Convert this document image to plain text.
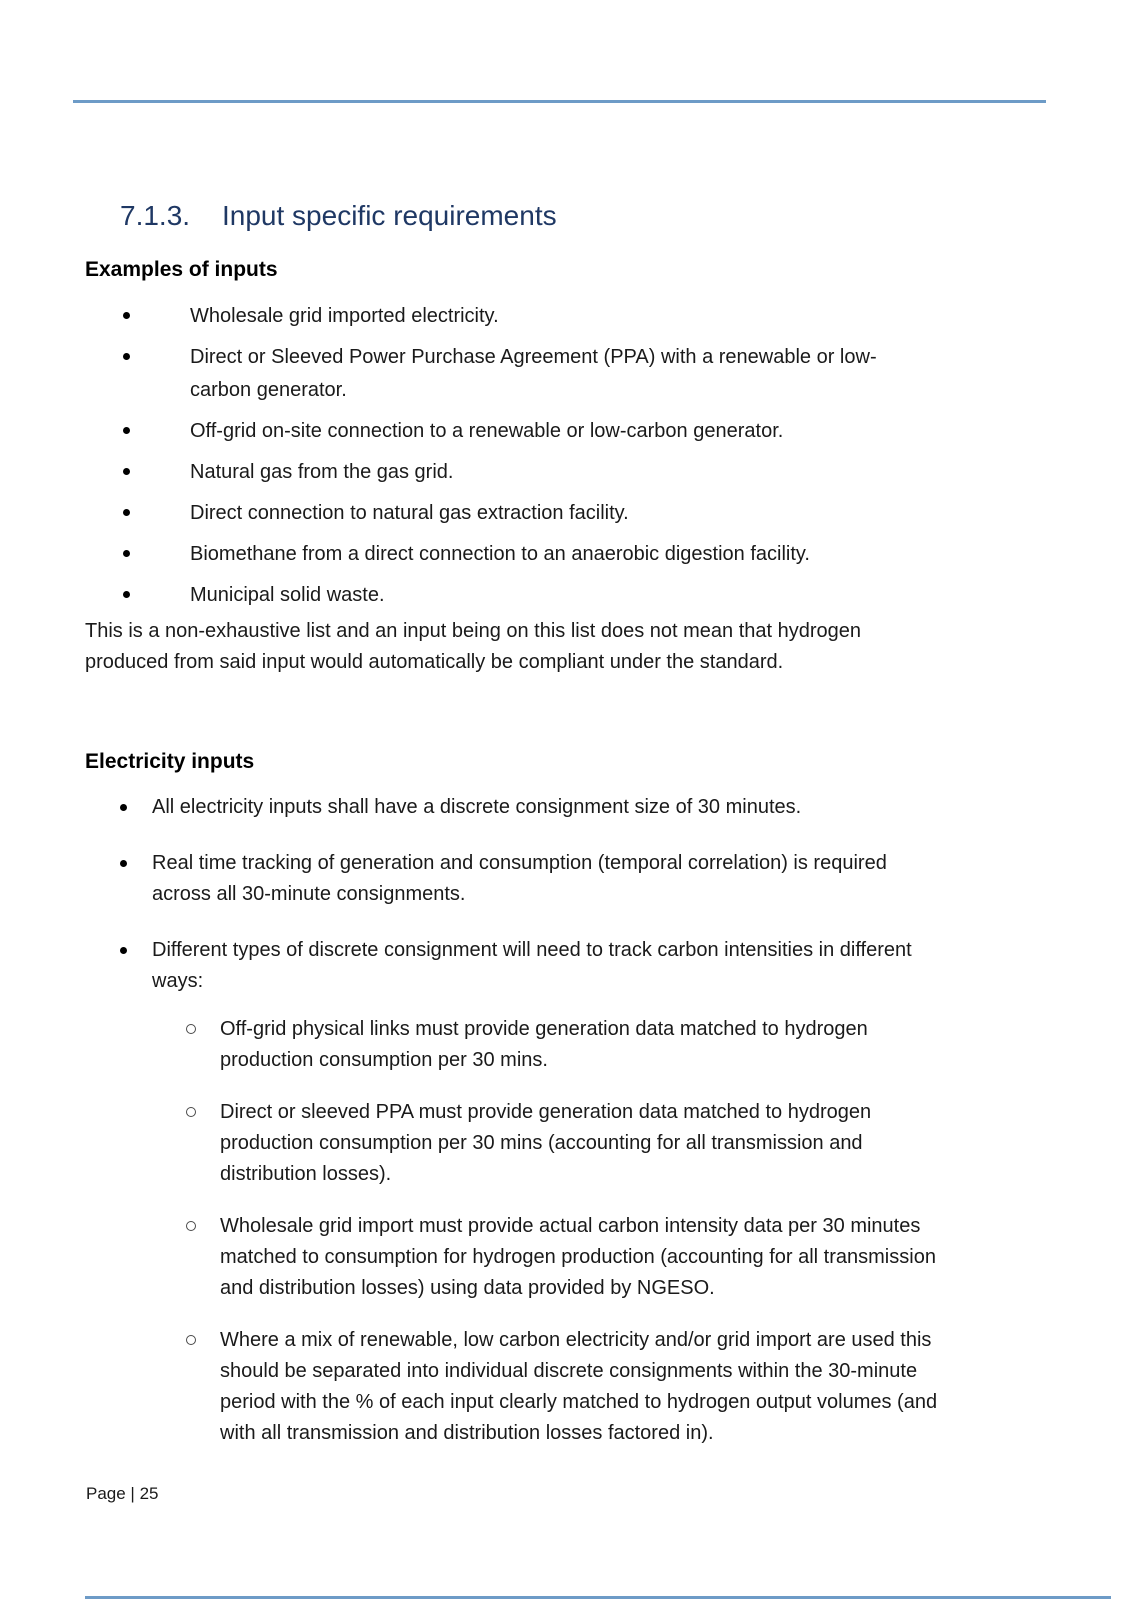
7.1.3. Input specific requirements
Examples of inputs
Wholesale grid imported electricity.
Direct or Sleeved Power Purchase Agreement (PPA) with a renewable or low-carbon generator.
Off-grid on-site connection to a renewable or low-carbon generator.
Natural gas from the gas grid.
Direct connection to natural gas extraction facility.
Biomethane from a direct connection to an anaerobic digestion facility.
Municipal solid waste.
This is a non-exhaustive list and an input being on this list does not mean that hydrogen produced from said input would automatically be compliant under the standard.
Electricity inputs
All electricity inputs shall have a discrete consignment size of 30 minutes.
Real time tracking of generation and consumption (temporal correlation) is required across all 30-minute consignments.
Different types of discrete consignment will need to track carbon intensities in different ways:
Off-grid physical links must provide generation data matched to hydrogen production consumption per 30 mins.
Direct or sleeved PPA must provide generation data matched to hydrogen production consumption per 30 mins (accounting for all transmission and distribution losses).
Wholesale grid import must provide actual carbon intensity data per 30 minutes matched to consumption for hydrogen production (accounting for all transmission and distribution losses) using data provided by NGESO.
Where a mix of renewable, low carbon electricity and/or grid import are used this should be separated into individual discrete consignments within the 30-minute period with the % of each input clearly matched to hydrogen output volumes (and with all transmission and distribution losses factored in).
Page | 25
